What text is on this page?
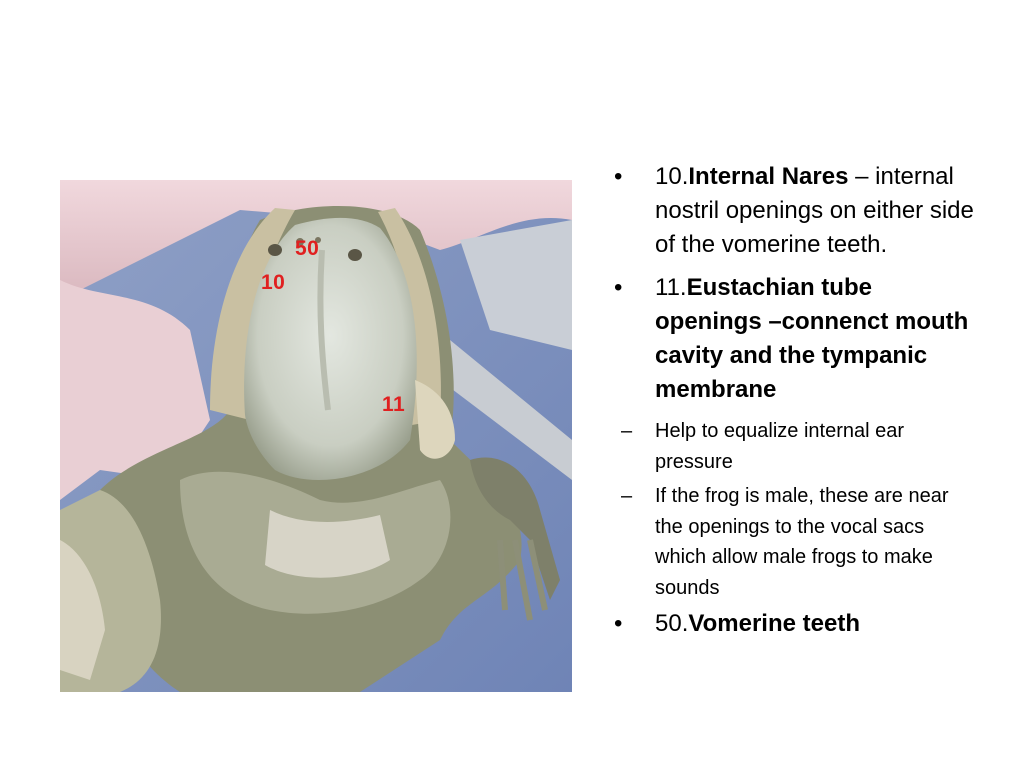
50
10
11
• 10.Internal Nares – internal nostril openings on either side of the vomerine teeth.
• 11.Eustachian tube openings –connenct mouth cavity and the tympanic membrane
– Help to equalize internal ear pressure
– If the frog is male, these are near the openings to the vocal sacs which allow male frogs to make sounds
• 50.Vomerine teeth
